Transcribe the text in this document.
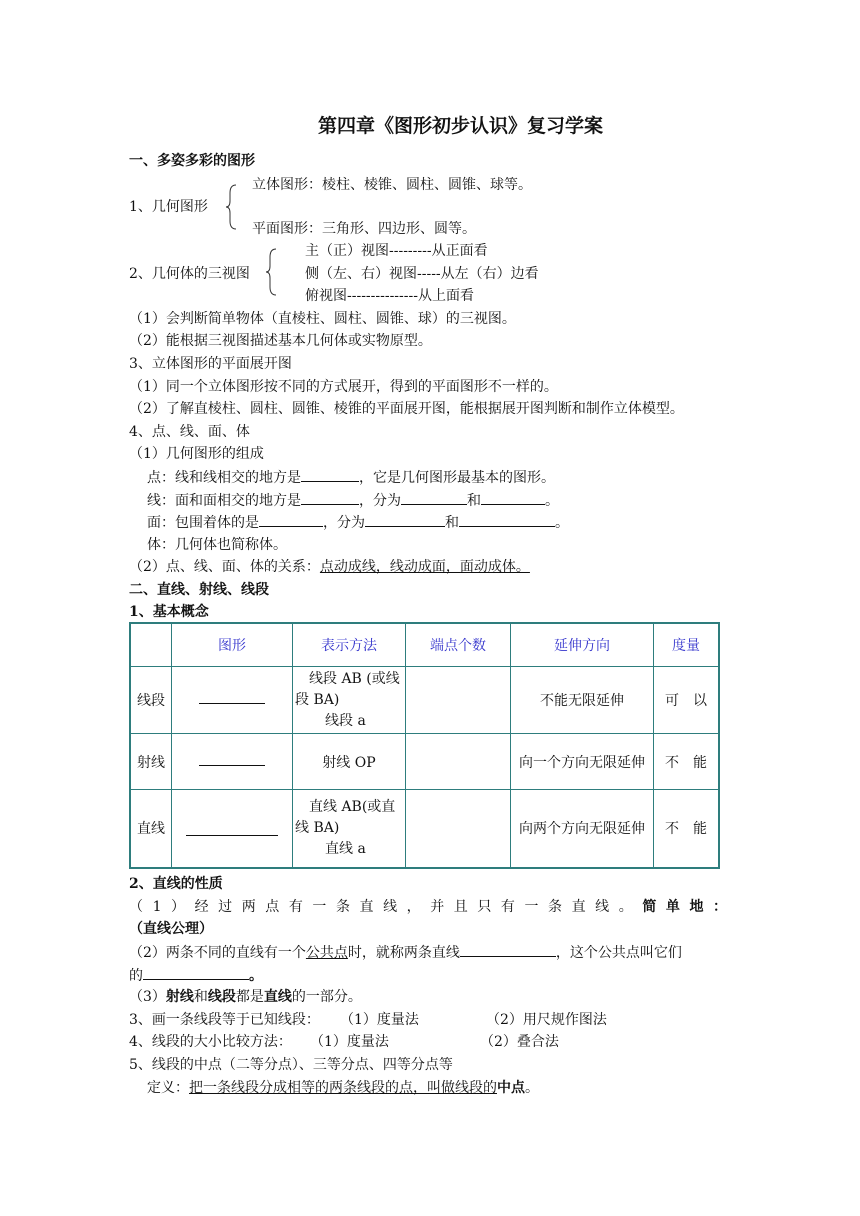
第四章《图形初步认识》复习学案
一、多姿多彩的图形
立体图形：棱柱、棱锥、圆柱、圆锥、球等。
1、几何图形
平面图形：三角形、四边形、圆等。
主（正）视图---------从正面看
2、几何体的三视图	侧（左、右）视图-----从左（右）边看
俯视图---------------从上面看
（1）会判断简单物体（直棱柱、圆柱、圆锥、球）的三视图。
（2）能根据三视图描述基本几何体或实物原型。
3、立体图形的平面展开图
（1）同一个立体图形按不同的方式展开，得到的平面图形不一样的。
（2）了解直棱柱、圆柱、圆锥、棱锥的平面展开图，能根据展开图判断和制作立体模型。
4、点、线、面、体
（1）几何图形的组成
点：线和线相交的地方是	，它是几何图形最基本的图形。
线：面和面相交的地方是	，分为	和	。
面：包围着体的是	，分为	和	。
体：几何体也简称体。
（2）点、线、面、体的关系：点动成线，线动成面，面动成体。
二、直线、射线、线段
1、基本概念
	图形	表示方法	端点个数	延伸方向	度量
线段		线段 AB (或线
段 BA)
线段 a		不能无限延伸	可　以
射线		射线 OP		向一个方向无限延伸	不　能
直线		直线 AB(或直
线 BA)
直线 a		向两个方向无限延伸	不　能
2、直线的性质
（1）经过两点有一条直线，并且只有一条直线。简单地：
（直线公理）
（2）两条不同的直线有一个公共点时，就称两条直线	，这个公共点叫它们
的	。
（3）射线和线段都是直线的一部分。
3、画一条线段等于已知线段： （1）度量法	（2）用尺规作图法
4、线段的大小比较方法： （1）度量法	（2）叠合法
5、线段的中点（二等分点）、三等分点、四等分点等
定义：把一条线段分成相等的两条线段的点，叫做线段的中点。
